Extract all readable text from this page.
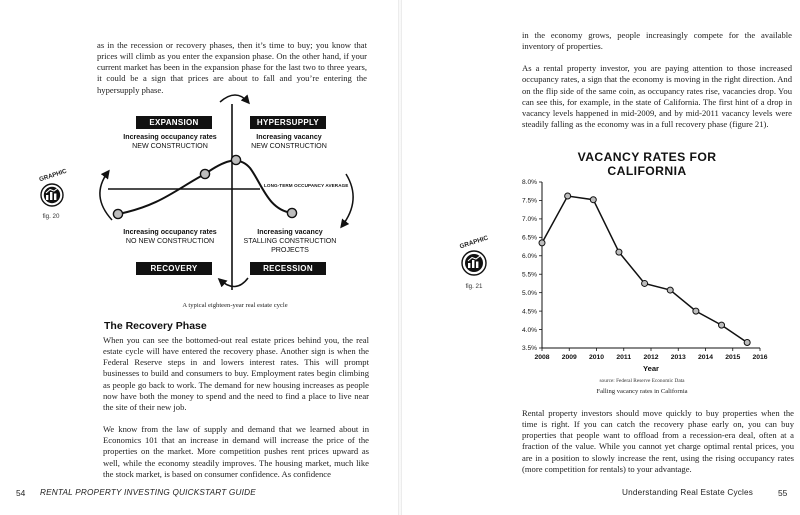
as in the recession or recovery phases, then it’s time to buy; you know that prices will climb as you enter the expansion phase. On the other hand, if your current market has been in the expansion phase for the last two to three years, it could be a sign that prices are about to fall and you’re entering the hypersupply phase.

EXPANSION	HYPERSUPPLY
RECOVERY	RECESSION
Increasing occupancy rates
NEW CONSTRUCTION
Increasing vacancy
NEW CONSTRUCTION
Increasing occupancy rates
NO NEW CONSTRUCTION
Increasing vacancy
STALLING CONSTRUCTION
PROJECTS
LONG-TERM OCCUPANCY AVERAGE
GRAPHIC
fig. 20
A typical eighteen-year real estate cycle
The Recovery Phase

When you can see the bottomed-out real estate prices behind you, the real estate cycle will have entered the recovery phase. Another sign is when the Federal Reserve steps in and lowers interest rates. This will prompt businesses to build and consumers to buy. Employment rates begin climbing as people go back to work. The demand for new housing increases as people now have both the money to spend and the need to find a place to live near the site of their new job.

We know from the law of supply and demand that we learned about in Economics 101 that an increase in demand will increase the price of the properties on the market. More competition pushes rent prices upward as well, while the economy steadily improves. The housing market, much like the stock market, is based on consumer confidence. As confidence

54 RENTAL PROPERTY INVESTING QUICKSTART GUIDE

in the economy grows, people increasingly compete for the available inventory of properties.

As a rental property investor, you are paying attention to those increased occupancy rates, a sign that the economy is moving in the right direction. And on the flip side of the same coin, as occupancy rates rise, vacancies drop. You can see this, for example, in the state of California. The first hint of a drop in vacancy levels happened in mid-2009, and by mid-2011 vacancy levels were steadily falling as the economy was in a full recovery phase (figure 21).

VACANCY RATES FOR CALIFORNIA
3.5%
4.0%
4.5%
5.0%
5.5%
6.0%
6.5%
7.0%
7.5%
8.0%
2008 2009 2010 2011 2012 2013 2014 2015 2016
Year
source: Federal Reserve Economic Data
Falling vacancy rates in California
GRAPHIC
fig. 21

Rental property investors should move quickly to buy properties when the time is right. If you can catch the recovery phase early on, you can buy properties that people want to offload from a recession-era deal, often at a fraction of the value. While you cannot yet charge optimal rental prices, you are in a position to slowly increase the rent, using the rising occupancy rates (more competition for rentals) to your advantage.

Understanding Real Estate Cycles	55
